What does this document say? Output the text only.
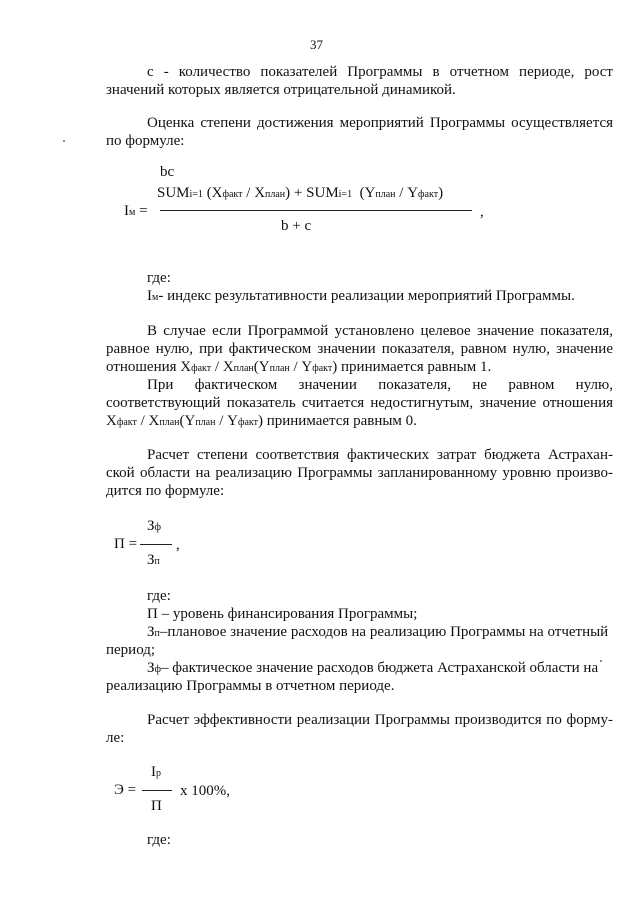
37
c - количество показателей Программы в отчетном периоде, рост
значений которых является отрицательной динамикой.
Оценка степени достижения мероприятий Программы осуществляется
по формуле:
bc
SUMi=1 (Xфакт / Xплан) + SUMi=1 (Yплан / Yфакт)
Iм =	,
b + c
где:
Iм- индекс результативности реализации мероприятий Программы.
В случае если Программой установлено целевое значение показателя,
равное нулю, при фактическом значении показателя, равном нулю, значение
отношения Xфакт / Xплан(Yплан / Yфакт) принимается равным 1.
При фактическом значении показателя, не равном нулю,
соответствующий показатель считается недостигнутым, значение отношения
Xфакт / Xплан(Yплан / Yфакт) принимается равным 0.
Расчет степени соответствия фактических затрат бюджета Астрахан-
ской области на реализацию Программы запланированному уровню произво-
дится по формуле:
Зф
П =	,
Зп
где:
П – уровень финансирования Программы;
Зп–плановое значение расходов на реализацию Программы на отчетный
период;
Зф– фактическое значение расходов бюджета Астраханской области на
реализацию Программы в отчетном периоде.
Расчет эффективности реализации Программы производится по форму-
ле:
Iр
Э =	x 100%,
П
где:
